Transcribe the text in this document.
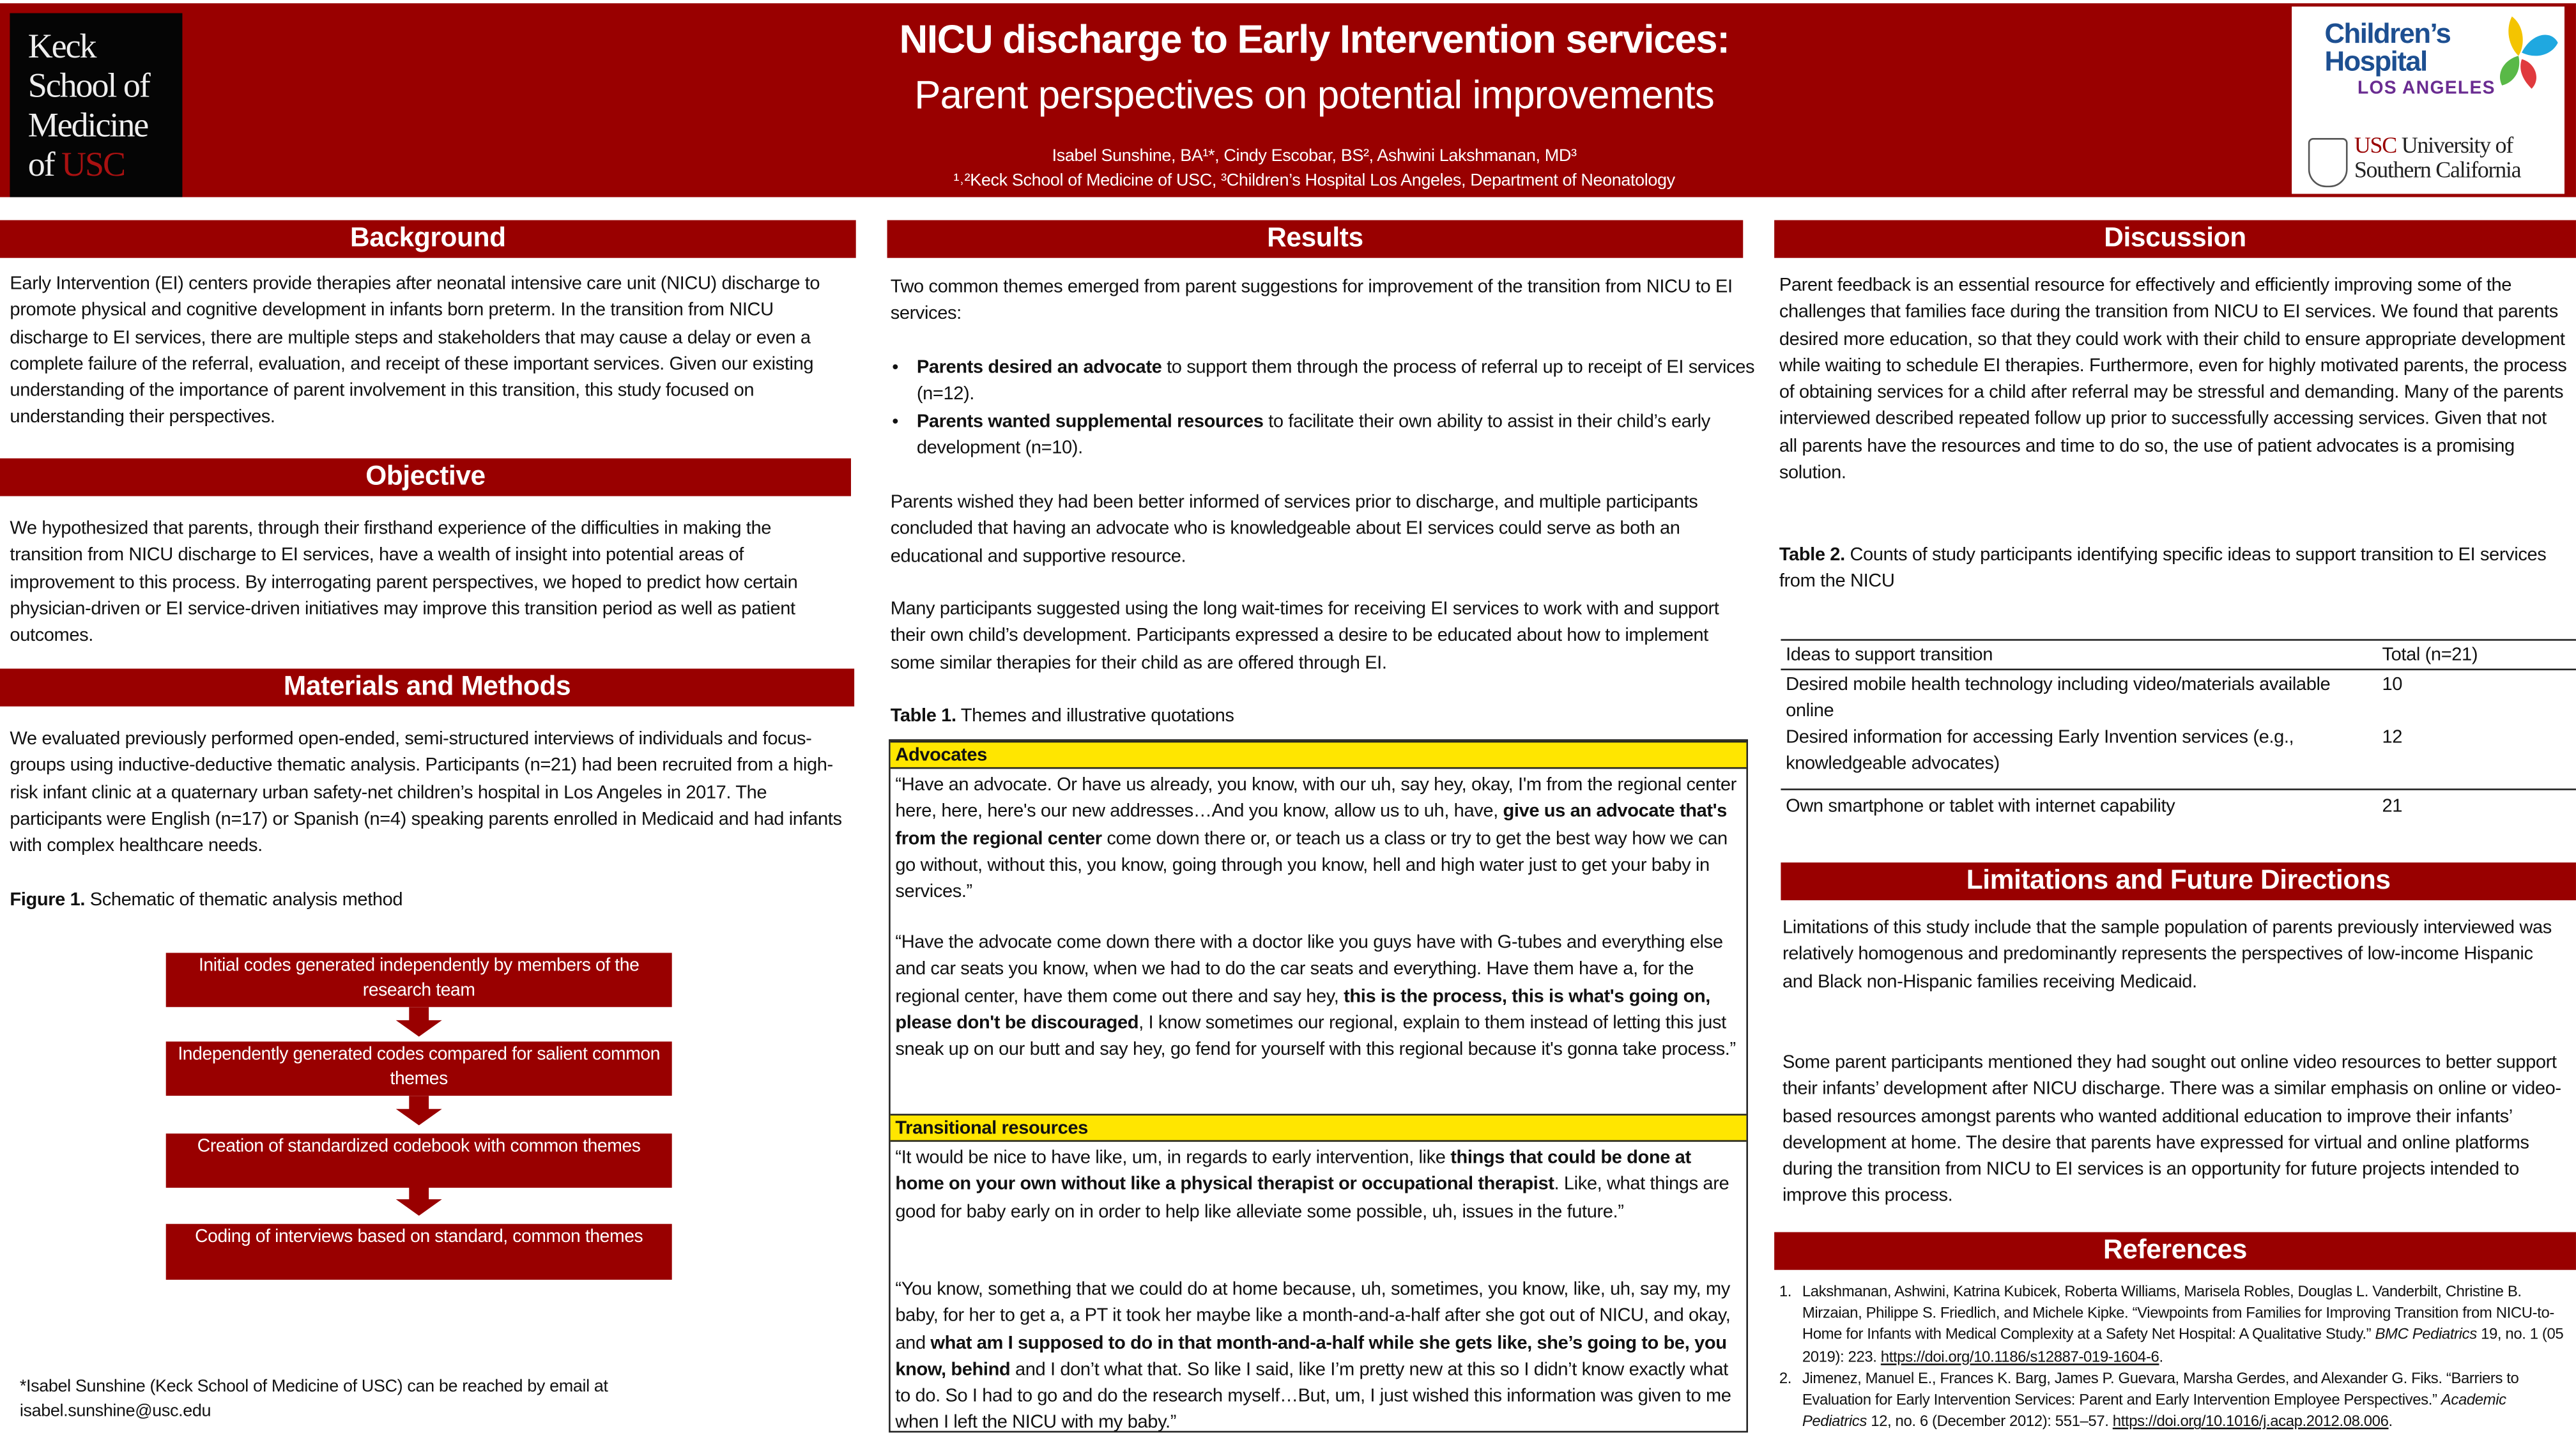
Keck
School of
Medicine
of USC
NICU discharge to Early Intervention services:
Parent perspectives on potential improvements
Isabel Sunshine, BA¹*, Cindy Escobar, BS², Ashwini Lakshmanan, MD³
¹˒²Keck School of Medicine of USC, ³Children’s Hospital Los Angeles, Department of Neonatology
Children’s
Hospital
LOS ANGELES
USC University of
Southern California
Background

Early Intervention (EI) centers provide therapies after neonatal intensive care unit (NICU) discharge to promote physical and cognitive development in infants born preterm. In the transition from NICU discharge to EI services, there are multiple steps and stakeholders that may cause a delay or even a complete failure of the referral, evaluation, and receipt of these important services. Given our existing understanding of the importance of parent involvement in this transition, this study focused on understanding their perspectives.

Objective

We hypothesized that parents, through their firsthand experience of the difficulties in making the transition from NICU discharge to EI services, have a wealth of insight into potential areas of improvement to this process. By interrogating parent perspectives, we hoped to predict how certain physician-driven or EI service-driven initiatives may improve this transition period as well as patient outcomes.

Materials and Methods

We evaluated previously performed open-ended, semi-structured interviews of individuals and focus-groups using inductive-deductive thematic analysis. Participants (n=21) had been recruited from a high-risk infant clinic at a quaternary urban safety-net children’s hospital in Los Angeles in 2017. The participants were English (n=17) or Spanish (n=4) speaking parents enrolled in Medicaid and had infants with complex healthcare needs.

Figure 1. Schematic of thematic analysis method

Initial codes generated independently by members of the research team
Independently generated codes compared for salient common themes
Creation of standardized codebook with common themes
Coding of interviews based on standard, common themes

*Isabel Sunshine (Keck School of Medicine of USC) can be reached by email at isabel.sunshine@usc.edu

Results

Two common themes emerged from parent suggestions for improvement of the transition from NICU to EI services:

• Parents desired an advocate to support them through the process of referral up to receipt of EI services (n=12).
• Parents wanted supplemental resources to facilitate their own ability to assist in their child’s early development (n=10).

Parents wished they had been better informed of services prior to discharge, and multiple participants concluded that having an advocate who is knowledgeable about EI services could serve as both an educational and supportive resource.

Many participants suggested using the long wait-times for receiving EI services to work with and support their own child’s development. Participants expressed a desire to be educated about how to implement some similar therapies for their child as are offered through EI.

Table 1. Themes and illustrative quotations

Advocates

“Have an advocate. Or have us already, you know, with our uh, say hey, okay, I'm from the regional center here, here, here's our new addresses…And you know, allow us to uh, have, give us an advocate that's from the regional center come down there or, or teach us a class or try to get the best way how we can go without, without this, you know, going through you know, hell and high water just to get your baby in services.”

“Have the advocate come down there with a doctor like you guys have with G-tubes and everything else and car seats you know, when we had to do the car seats and everything. Have them have a, for the regional center, have them come out there and say hey, this is the process, this is what's going on, please don't be discouraged, I know sometimes our regional, explain to them instead of letting this just sneak up on our butt and say hey, go fend for yourself with this regional because it's gonna take process.”

Transitional resources

“It would be nice to have like, um, in regards to early intervention, like things that could be done at home on your own without like a physical therapist or occupational therapist. Like, what things are good for baby early on in order to help like alleviate some possible, uh, issues in the future.”

“You know, something that we could do at home because, uh, sometimes, you know, like, uh, say my, my baby, for her to get a, a PT it took her maybe like a month-and-a-half after she got out of NICU, and okay, and what am I supposed to do in that month-and-a-half while she gets like, she’s going to be, you know, behind and I don’t what that. So like I said, like I’m pretty new at this so I didn’t know exactly what to do. So I had to go and do the research myself…But, um, I just wished this information was given to me when I left the NICU with my baby.”

Discussion

Parent feedback is an essential resource for effectively and efficiently improving some of the challenges that families face during the transition from NICU to EI services. We found that parents desired more education, so that they could work with their child to ensure appropriate development while waiting to schedule EI therapies. Furthermore, even for highly motivated parents, the process of obtaining services for a child after referral may be stressful and demanding. Many of the parents interviewed described repeated follow up prior to successfully accessing services. Given that not all parents have the resources and time to do so, the use of patient advocates is a promising solution.

Table 2. Counts of study participants identifying specific ideas to support transition to EI services from the NICU

Ideas to support transition	Total (n=21)
Desired mobile health technology including video/materials available online
10
Desired information for accessing Early Invention services (e.g., knowledgeable advocates)
12
Own smartphone or tablet with internet capability	21
Limitations and Future Directions

Limitations of this study include that the sample population of parents previously interviewed was relatively homogenous and predominantly represents the perspectives of low-income Hispanic and Black non-Hispanic families receiving Medicaid.

Some parent participants mentioned they had sought out online video resources to better support their infants’ development after NICU discharge. There was a similar emphasis on online or video-based resources amongst parents who wanted additional education to improve their infants’ development at home. The desire that parents have expressed for virtual and online platforms during the transition from NICU to EI services is an opportunity for future projects intended to improve this process.

References

1. Lakshmanan, Ashwini, Katrina Kubicek, Roberta Williams, Marisela Robles, Douglas L. Vanderbilt, Christine B. Mirzaian, Philippe S. Friedlich, and Michele Kipke. “Viewpoints from Families for Improving Transition from NICU-to-Home for Infants with Medical Complexity at a Safety Net Hospital: A Qualitative Study.” BMC Pediatrics 19, no. 1 (05 2019): 223. https://doi.org/10.1186/s12887-019-1604-6.

2. Jimenez, Manuel E., Frances K. Barg, James P. Guevara, Marsha Gerdes, and Alexander G. Fiks. “Barriers to Evaluation for Early Intervention Services: Parent and Early Intervention Employee Perspectives.” Academic Pediatrics 12, no. 6 (December 2012): 551–57. https://doi.org/10.1016/j.acap.2012.08.006.
